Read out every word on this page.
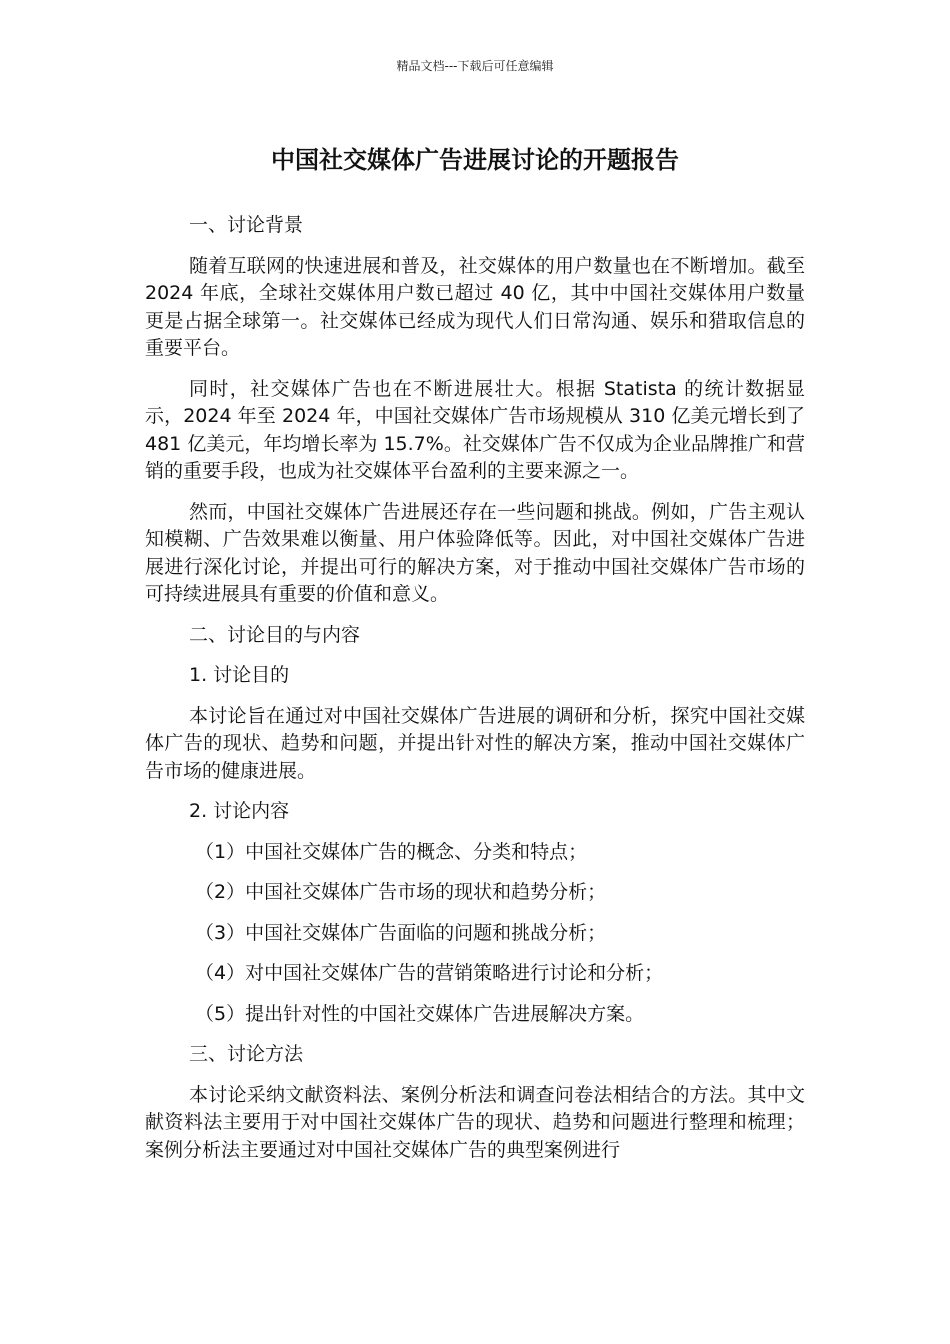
精品文档---下载后可任意编辑
中国社交媒体广告进展讨论的开题报告
一、讨论背景
随着互联网的快速进展和普及，社交媒体的用户数量也在不断增加。截至 2024 年底，全球社交媒体用户数已超过 40 亿，其中中国社交媒体用户数量更是占据全球第一。社交媒体已经成为现代人们日常沟通、娱乐和猎取信息的重要平台。
同时，社交媒体广告也在不断进展壮大。根据 Statista 的统计数据显示，2024 年至 2024 年，中国社交媒体广告市场规模从 310 亿美元增长到了 481 亿美元，年均增长率为 15.7%。社交媒体广告不仅成为企业品牌推广和营销的重要手段，也成为社交媒体平台盈利的主要来源之一。
然而，中国社交媒体广告进展还存在一些问题和挑战。例如，广告主观认知模糊、广告效果难以衡量、用户体验降低等。因此，对中国社交媒体广告进展进行深化讨论，并提出可行的解决方案，对于推动中国社交媒体广告市场的可持续进展具有重要的价值和意义。
二、讨论目的与内容
1. 讨论目的
本讨论旨在通过对中国社交媒体广告进展的调研和分析，探究中国社交媒体广告的现状、趋势和问题，并提出针对性的解决方案，推动中国社交媒体广告市场的健康进展。
2. 讨论内容
（1）中国社交媒体广告的概念、分类和特点；
（2）中国社交媒体广告市场的现状和趋势分析；
（3）中国社交媒体广告面临的问题和挑战分析；
（4）对中国社交媒体广告的营销策略进行讨论和分析；
（5）提出针对性的中国社交媒体广告进展解决方案。
三、讨论方法
本讨论采纳文献资料法、案例分析法和调查问卷法相结合的方法。其中文献资料法主要用于对中国社交媒体广告的现状、趋势和问题进行整理和梳理；案例分析法主要通过对中国社交媒体广告的典型案例进行
